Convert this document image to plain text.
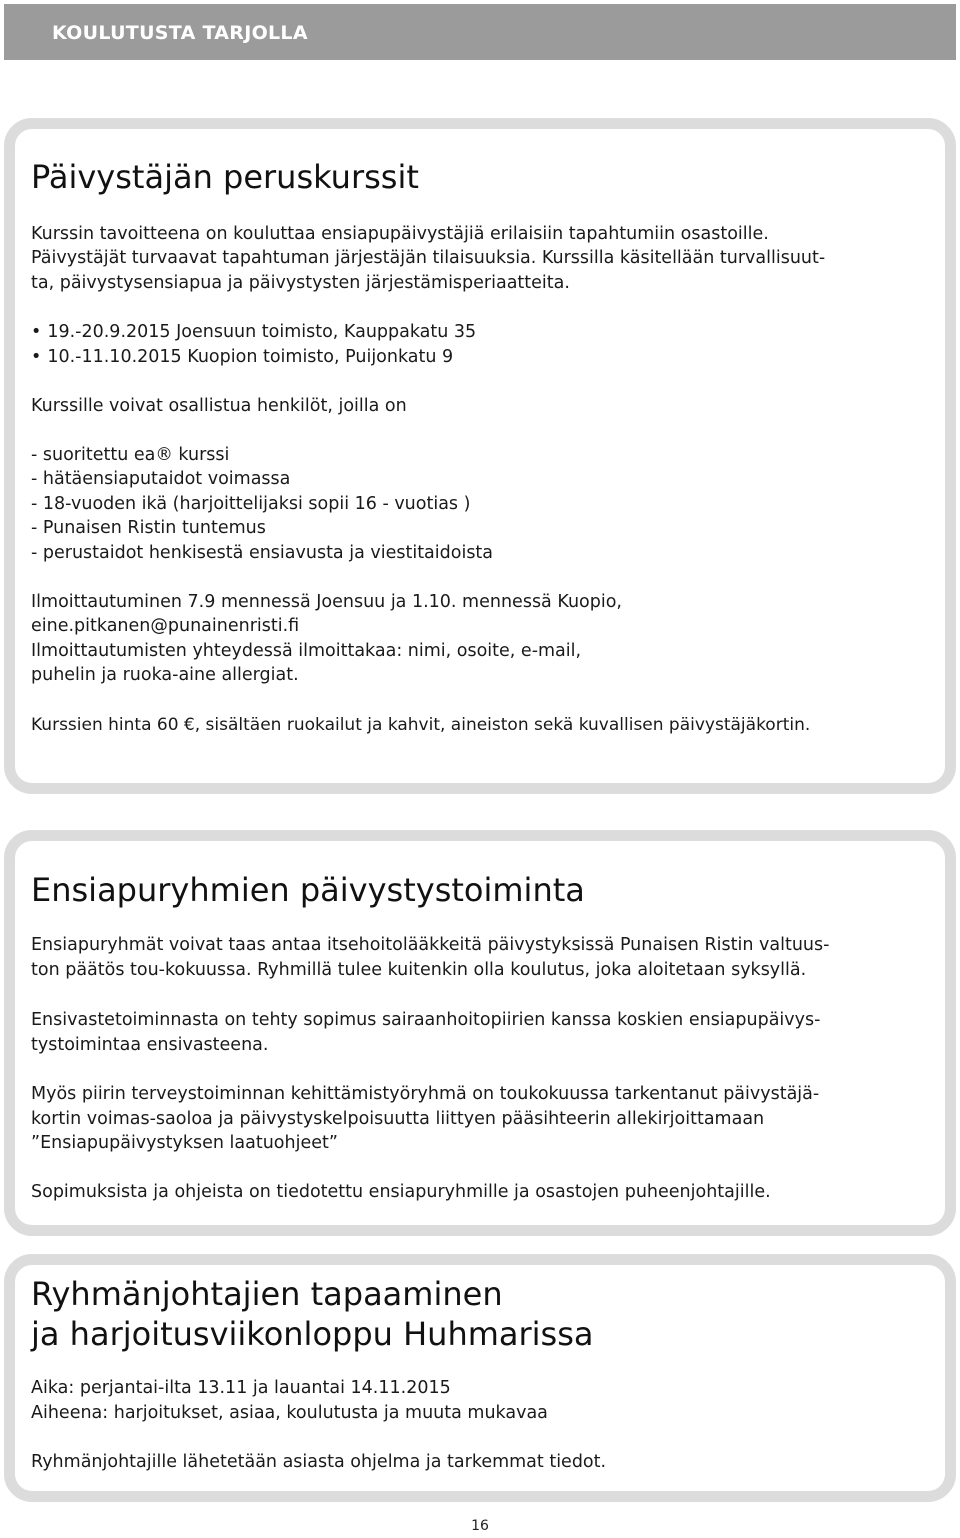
KOULUTUSTA TARJOLLA
Päivystäjän peruskurssit

Kurssin tavoitteena on kouluttaa ensiapupäivystäjiä erilaisiin tapahtumiin osastoille.

Päivystäjät turvaavat tapahtuman järjestäjän tilaisuuksia. Kurssilla käsitellään turvallisuut-

ta, päivystysensiapua ja päivystysten järjestämisperiaatteita.

• 19.-20.9.2015 Joensuun toimisto, Kauppakatu 35

• 10.-11.10.2015 Kuopion toimisto, Puijonkatu 9

Kurssille voivat osallistua henkilöt, joilla on

- suoritettu ea® kurssi

- hätäensiaputaidot voimassa

- 18-vuoden ikä (harjoittelijaksi sopii 16 - vuotias )

- Punaisen Ristin tuntemus

- perustaidot henkisestä ensiavusta ja viestitaidoista

Ilmoittautuminen 7.9 mennessä Joensuu ja 1.10. mennessä Kuopio,

eine.pitkanen@punainenristi.fi

Ilmoittautumisten yhteydessä ilmoittakaa: nimi, osoite, e-mail,

puhelin ja ruoka-aine allergiat.

Kurssien hinta 60 €, sisältäen ruokailut ja kahvit, aineiston sekä kuvallisen päivystäjäkortin.

Ensiapuryhmien päivystystoiminta

Ensiapuryhmät voivat taas antaa itsehoitolääkkeitä päivystyksissä Punaisen Ristin valtuus-

ton päätös tou-kokuussa. Ryhmillä tulee kuitenkin olla koulutus, joka aloitetaan syksyllä.

Ensivastetoiminnasta on tehty sopimus sairaanhoitopiirien kanssa koskien ensiapupäivys-

tystoimintaa ensivasteena.

Myös piirin terveystoiminnan kehittämistyöryhmä on toukokuussa tarkentanut päivystäjä-

kortin voimas-saoloa ja päivystyskelpoisuutta liittyen pääsihteerin allekirjoittamaan

”Ensiapupäivystyksen laatuohjeet”

Sopimuksista ja ohjeista on tiedotettu ensiapuryhmille ja osastojen puheenjohtajille.

Ryhmänjohtajien tapaaminen
ja harjoitusviikonloppu Huhmarissa

Aika: perjantai-ilta 13.11 ja lauantai 14.11.2015

Aiheena: harjoitukset, asiaa, koulutusta ja muuta mukavaa

Ryhmänjohtajille lähetetään asiasta ohjelma ja tarkemmat tiedot.

16
